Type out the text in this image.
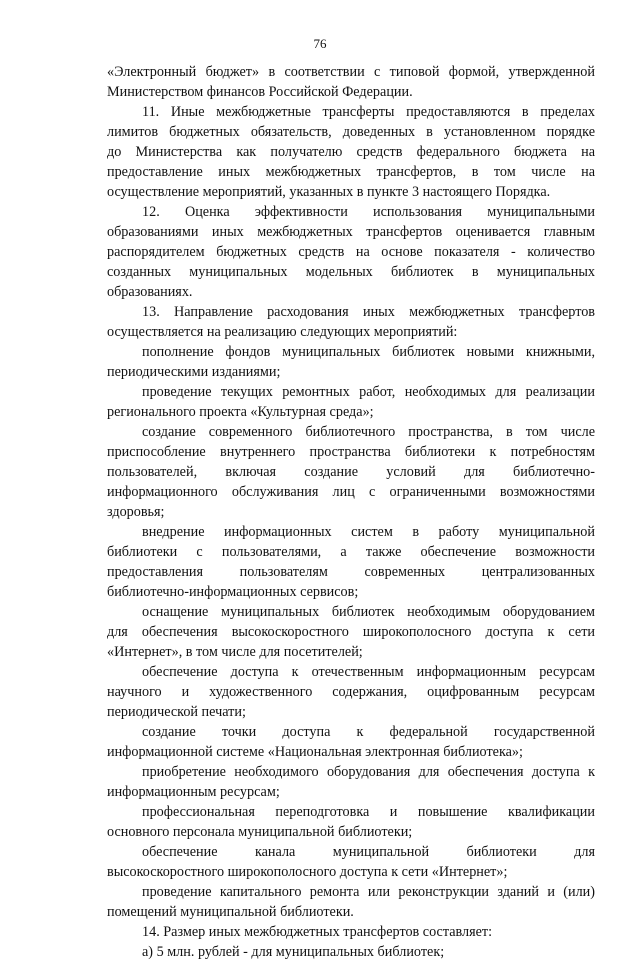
76
«Электронный бюджет» в соответствии с типовой формой, утвержденной
Министерством финансов Российской Федерации.
11. Иные межбюджетные трансферты предоставляются в пределах
лимитов бюджетных обязательств, доведенных в установленном порядке
до Министерства как получателю средств федерального бюджета на
предоставление иных межбюджетных трансфертов, в том числе на
осуществление мероприятий, указанных в пункте 3 настоящего Порядка.
12. Оценка эффективности использования муниципальными
образованиями иных межбюджетных трансфертов оценивается главным
распорядителем бюджетных средств на основе показателя - количество
созданных муниципальных модельных библиотек в муниципальных
образованиях.
13. Направление расходования иных межбюджетных трансфертов
осуществляется на реализацию следующих мероприятий:
пополнение фондов муниципальных библиотек новыми книжными,
периодическими изданиями;
проведение текущих ремонтных работ, необходимых для реализации
регионального проекта «Культурная среда»;
создание современного библиотечного пространства, в том числе
приспособление внутреннего пространства библиотеки к потребностям
пользователей, включая создание условий для библиотечно-
информационного обслуживания лиц с ограниченными возможностями
здоровья;
внедрение информационных систем в работу муниципальной
библиотеки с пользователями, а также обеспечение возможности
предоставления пользователям современных централизованных
библиотечно-информационных сервисов;
оснащение муниципальных библиотек необходимым оборудованием
для обеспечения высокоскоростного широкополосного доступа к сети
«Интернет», в том числе для посетителей;
обеспечение доступа к отечественным информационным ресурсам
научного и художественного содержания, оцифрованным ресурсам
периодической печати;
создание точки доступа к федеральной государственной
информационной системе «Национальная электронная библиотека»;
приобретение необходимого оборудования для обеспечения доступа к
информационным ресурсам;
профессиональная переподготовка и повышение квалификации
основного персонала муниципальной библиотеки;
обеспечение канала муниципальной библиотеки для
высокоскоростного широкополосного доступа к сети «Интернет»;
проведение капитального ремонта или реконструкции зданий и (или)
помещений муниципальной библиотеки.
14. Размер иных межбюджетных трансфертов составляет:
а) 5 млн. рублей - для муниципальных библиотек;
